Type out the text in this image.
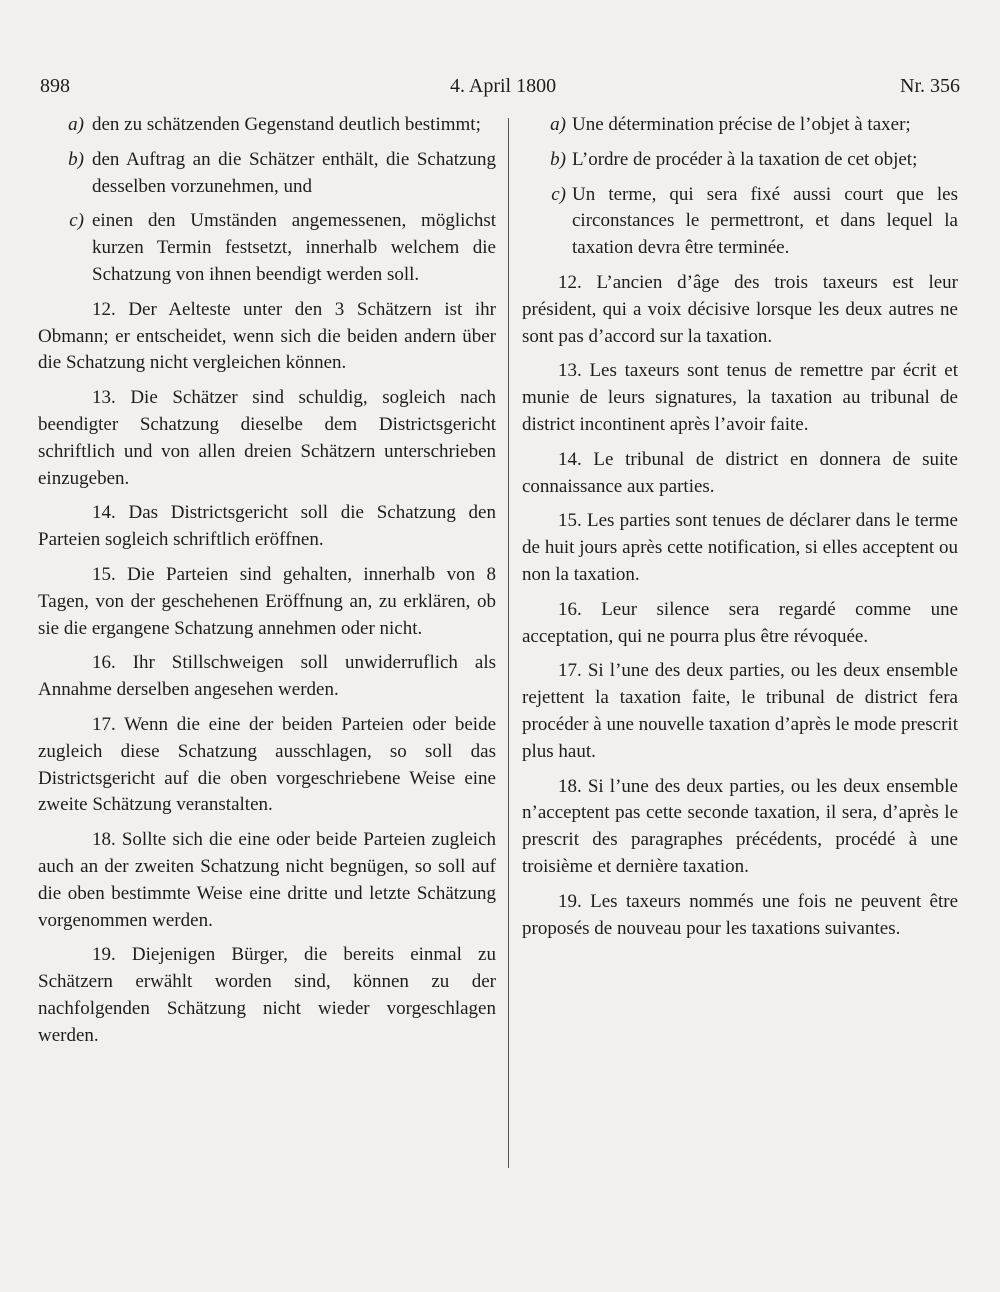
898	4. April 1800	Nr. 356
a) den zu schätzenden Gegenstand deutlich bestimmt;
b) den Auftrag an die Schätzer enthält, die Schatzung desselben vorzunehmen, und
c) einen den Umständen angemessenen, möglichst kurzen Termin festsetzt, innerhalb welchem die Schatzung von ihnen beendigt werden soll.

12. Der Aelteste unter den 3 Schätzern ist ihr Obmann; er entscheidet, wenn sich die beiden andern über die Schatzung nicht vergleichen können.

13. Die Schätzer sind schuldig, sogleich nach beendigter Schatzung dieselbe dem Districtsgericht schriftlich und von allen dreien Schätzern unterschrieben einzugeben.

14. Das Districtsgericht soll die Schatzung den Parteien sogleich schriftlich eröffnen.

15. Die Parteien sind gehalten, innerhalb von 8 Tagen, von der geschehenen Eröffnung an, zu erklären, ob sie die ergangene Schatzung annehmen oder nicht.

16. Ihr Stillschweigen soll unwiderruflich als Annahme derselben angesehen werden.

17. Wenn die eine der beiden Parteien oder beide zugleich diese Schatzung ausschlagen, so soll das Districtsgericht auf die oben vorgeschriebene Weise eine zweite Schätzung veranstalten.

18. Sollte sich die eine oder beide Parteien zugleich auch an der zweiten Schatzung nicht begnügen, so soll auf die oben bestimmte Weise eine dritte und letzte Schätzung vorgenommen werden.

19. Diejenigen Bürger, die bereits einmal zu Schätzern erwählt worden sind, können zu der nachfolgenden Schätzung nicht wieder vorgeschlagen werden.

a) Une détermination précise de l’objet à taxer;
b) L’ordre de procéder à la taxation de cet objet;
c) Un terme, qui sera fixé aussi court que les circonstances le permettront, et dans lequel la taxation devra être terminée.

12. L’ancien d’âge des trois taxeurs est leur président, qui a voix décisive lorsque les deux autres ne sont pas d’accord sur la taxation.

13. Les taxeurs sont tenus de remettre par écrit et munie de leurs signatures, la taxation au tribunal de district incontinent après l’avoir faite.

14. Le tribunal de district en donnera de suite connaissance aux parties.

15. Les parties sont tenues de déclarer dans le terme de huit jours après cette notification, si elles acceptent ou non la taxation.

16. Leur silence sera regardé comme une acceptation, qui ne pourra plus être révoquée.

17. Si l’une des deux parties, ou les deux ensemble rejettent la taxation faite, le tribunal de district fera procéder à une nouvelle taxation d’après le mode prescrit plus haut.

18. Si l’une des deux parties, ou les deux ensemble n’acceptent pas cette seconde taxation, il sera, d’après le prescrit des paragraphes précédents, procédé à une troisième et dernière taxation.

19. Les taxeurs nommés une fois ne peuvent être proposés de nouveau pour les taxations suivantes.
